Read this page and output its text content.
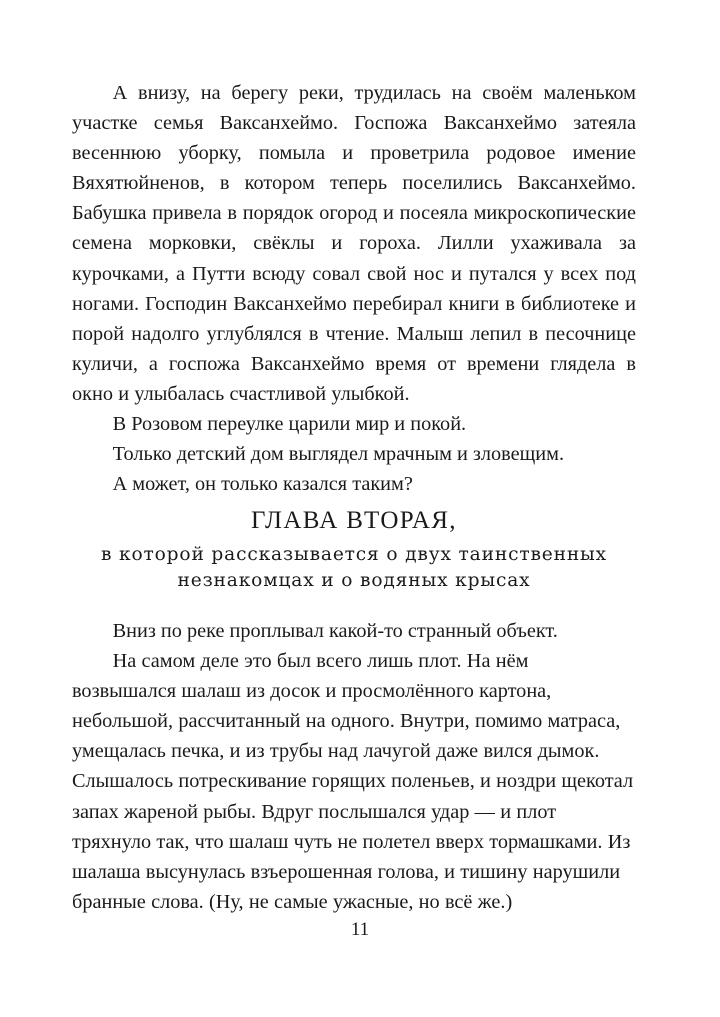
А внизу, на берегу реки, трудилась на своём маленьком участке семья Ваксанхеймо. Госпожа Ваксанхеймо затеяла весеннюю уборку, помыла и проветрила родовое имение Вяхятюйненов, в котором теперь поселились Ваксанхеймо. Бабушка привела в порядок огород и посеяла микроскопические семена морковки, свёклы и гороха. Лилли ухаживала за курочками, а Путти всюду совал свой нос и путался у всех под ногами. Господин Ваксанхеймо перебирал книги в библиотеке и порой надолго углублялся в чтение. Малыш лепил в песочнице куличи, а госпожа Ваксанхеймо время от времени глядела в окно и улыбалась счастливой улыбкой.

В Розовом переулке царили мир и покой.

Только детский дом выглядел мрачным и зловещим.

А может, он только казался таким?

ГЛАВА ВТОРАЯ,
в которой рассказывается о двух таинственных
незнакомцах и о водяных крысах

Вниз по реке проплывал какой-то странный объект.

На самом деле это был всего лишь плот. На нём возвышался шалаш из досок и просмолённого картона, небольшой, рассчитанный на одного. Внутри, помимо матраса, умещалась печка, и из трубы над лачугой даже вился дымок. Слышалось потрескивание горящих поленьев, и ноздри щекотал запах жареной рыбы. Вдруг послышался удар — и плот тряхнуло так, что шалаш чуть не полетел вверх тормашками. Из шалаша высунулась взъерошенная голова, и тишину нарушили бранные слова. (Ну, не самые ужасные, но всё же.)

11
